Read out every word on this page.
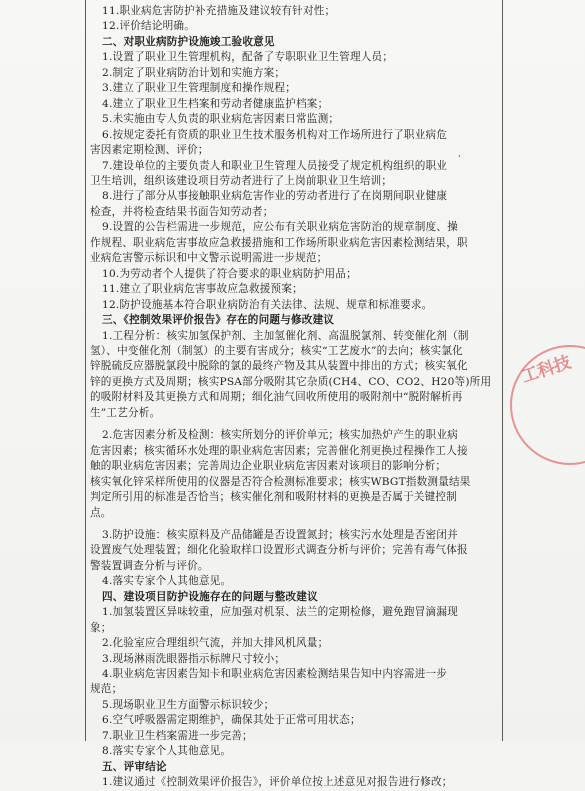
’
11.职业病危害防护补充措施及建议较有针对性；
12.评价结论明确。
二、对职业病防护设施竣工验收意见
1.设置了职业卫生管理机构，配备了专职职业卫生管理人员；
2.制定了职业病防治计划和实施方案；
3.建立了职业卫生管理制度和操作规程；
4.建立了职业卫生档案和劳动者健康监护档案；
5.未实施由专人负责的职业病危害因素日常监测；
6.按规定委托有资质的职业卫生技术服务机构对工作场所进行了职业病危
害因素定期检测、评价；
7.建设单位的主要负责人和职业卫生管理人员接受了规定机构组织的职业
卫生培训，组织该建设项目劳动者进行了上岗前职业卫生培训；
8.进行了部分从事接触职业病危害作业的劳动者进行了在岗期间职业健康
检查，并将检查结果书面告知劳动者；
9.设置的公告栏需进一步规范，应公布有关职业病危害防治的规章制度、操
作规程、职业病危害事故应急救援措施和工作场所职业病危害因素检测结果，职
业病危害警示标识和中文警示说明需进一步规范；
10.为劳动者个人提供了符合要求的职业病防护用品；
11.建立了职业病危害事故应急救援预案；
12.防护设施基本符合职业病防治有关法律、法规、规章和标准要求。
三、《控制效果评价报告》存在的问题与修改建议
1.工程分析：核实加氢保护剂、主加氢催化剂、高温脱氯剂、转变催化剂（制
氢）、中变催化剂（制氢）的主要有害成分；核实“工艺废水”的去向；核实氯化
锌脱硫反应器脱氯段中脱除的氯的最终产物及其从装置中排出的方式；核实氧化
锌的更换方式及周期；核实PSA部分吸附其它杂质(CH4、CO、CO2、H20等)所用
的吸附材料及其更换方式和周期；细化油气回收所使用的吸附剂中“脱附解析再
生”工艺分析。
2.危害因素分析及检测：核实所划分的评价单元；核实加热炉产生的职业病
危害因素；核实循环水处理的职业病危害因素；完善催化剂更换过程操作工人接
触的职业病危害因素；完善周边企业职业病危害因素对该项目的影响分析；
核实氧化锌采样所使用的仪器是否符合检测标准要求；核实WBGT指数测量结果
判定所引用的标准是否恰当；核实催化剂和吸附材料的更换是否属于关键控制
点。
3.防护设施：核实原料及产品储罐是否设置氮封；核实污水处理是否密闭并
设置废气处理装置；细化化验取样口设置形式调查分析与评价；完善有毒气体报
警装置调查分析与评价。
4.落实专家个人其他意见。
四、建设项目防护设施存在的问题与整改建议
1.加氢装置区异味较重，应加强对机泵、法兰的定期检修，避免跑冒滴漏现
象；
2.化验室应合理组织气流，并加大排风机风量；
3.现场淋雨洗眼器指示标牌尺寸较小；
4.职业病危害因素告知卡和职业病危害因素检测结果告知中内容需进一步
规范；
5.现场职业卫生方面警示标识较少；
6.空气呼吸器需定期维护，确保其处于正常可用状态；
7.职业卫生档案需进一步完善；
8.落实专家个人其他意见。
五、评审结论
1.建议通过《控制效果评价报告》，评价单位按上述意见对报告进行修改；
工科技
